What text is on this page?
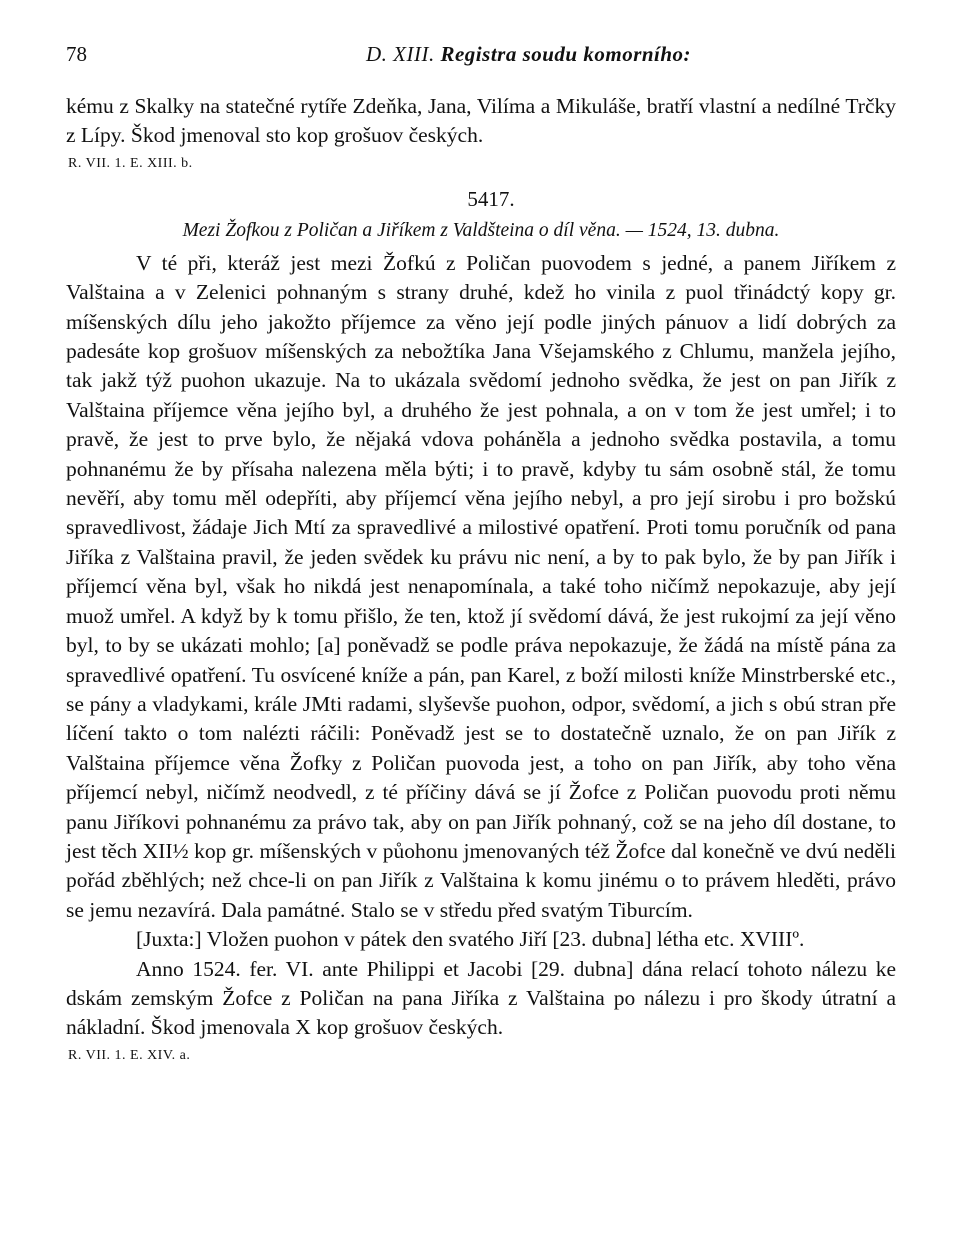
78	D. XIII. Registra soudu komorního:

kému z Skalky na statečné rytíře Zdeňka, Jana, Vilíma a Mikuláše, bratří vlastní a nedílné Trčky z Lípy. Škod jmenoval sto kop grošuov českých.

R. VII. 1. E. XIII. b.
5417.
Mezi Žofkou z Poličan a Jiříkem z Valdšteina o díl věna. — 1524, 13. dubna.

V té při, kteráž jest mezi Žofkú z Poličan puovodem s jedné, a panem Jiříkem z Valštaina a v Zelenici pohnaným s strany druhé, kdež ho vinila z puol třinádctý kopy gr. míšenských dílu jeho jakožto příjemce za věno její podle jiných pánuov a lidí dobrých za padesáte kop grošuov míšenských za nebožtíka Jana Všejamského z Chlumu, manžela jejího, tak jakž týž puohon ukazuje. Na to ukázala svědomí jednoho svědka, že jest on pan Jiřík z Valštaina příjemce věna jejího byl, a druhého že jest pohnala, a on v tom že jest umřel; i to pravě, že jest to prve bylo, že nějaká vdova poháněla a jednoho svědka postavila, a tomu pohnanému že by přísaha nalezena měla býti; i to pravě, kdyby tu sám osobně stál, že tomu nevěří, aby tomu měl odepříti, aby příjemcí věna jejího nebyl, a pro její sirobu i pro božskú spravedlivost, žádaje Jich Mtí za spravedlivé a milostivé opatření. Proti tomu poručník od pana Jiříka z Valštaina pravil, že jeden svědek ku právu nic není, a by to pak bylo, že by pan Jiřík i příjemcí věna byl, však ho nikdá jest nenapomínala, a také toho ničímž nepokazuje, aby její muož umřel. A když by k tomu přišlo, že ten, ktož jí svědomí dává, že jest rukojmí za její věno byl, to by se ukázati mohlo; [a] poněvadž se podle práva nepokazuje, že žádá na místě pána za spravedlivé opatření. Tu osvícené kníže a pán, pan Karel, z boží milosti kníže Minstrberské etc., se pány a vladykami, krále JMti radami, slyševše puohon, odpor, svědomí, a jich s obú stran pře líčení takto o tom nalézti ráčili: Poněvadž jest se to dostatečně uznalo, že on pan Jiřík z Valštaina příjemce věna Žofky z Poličan puovoda jest, a toho on pan Jiřík, aby toho věna příjemcí nebyl, ničímž neodvedl, z té příčiny dává se jí Žofce z Poličan puovodu proti němu panu Jiříkovi pohnanému za právo tak, aby on pan Jiřík pohnaný, což se na jeho díl dostane, to jest těch XII½ kop gr. míšenských v půohonu jmenovaných též Žofce dal konečně ve dvú neděli pořád zběhlých; než chce-li on pan Jiřík z Valštaina k komu jinému o to právem hleděti, právo se jemu nezavírá. Dala památné. Stalo se v středu před svatým Tiburcím.

[Juxta:] Vložen puohon v pátek den svatého Jiří [23. dubna] létha etc. XVIIIº.

Anno 1524. fer. VI. ante Philippi et Jacobi [29. dubna] dána relací tohoto nálezu ke dskám zemským Žofce z Poličan na pana Jiříka z Valštaina po nálezu i pro škody útratní a nákladní. Škod jmenovala X kop grošuov českých.

R. VII. 1. E. XIV. a.
